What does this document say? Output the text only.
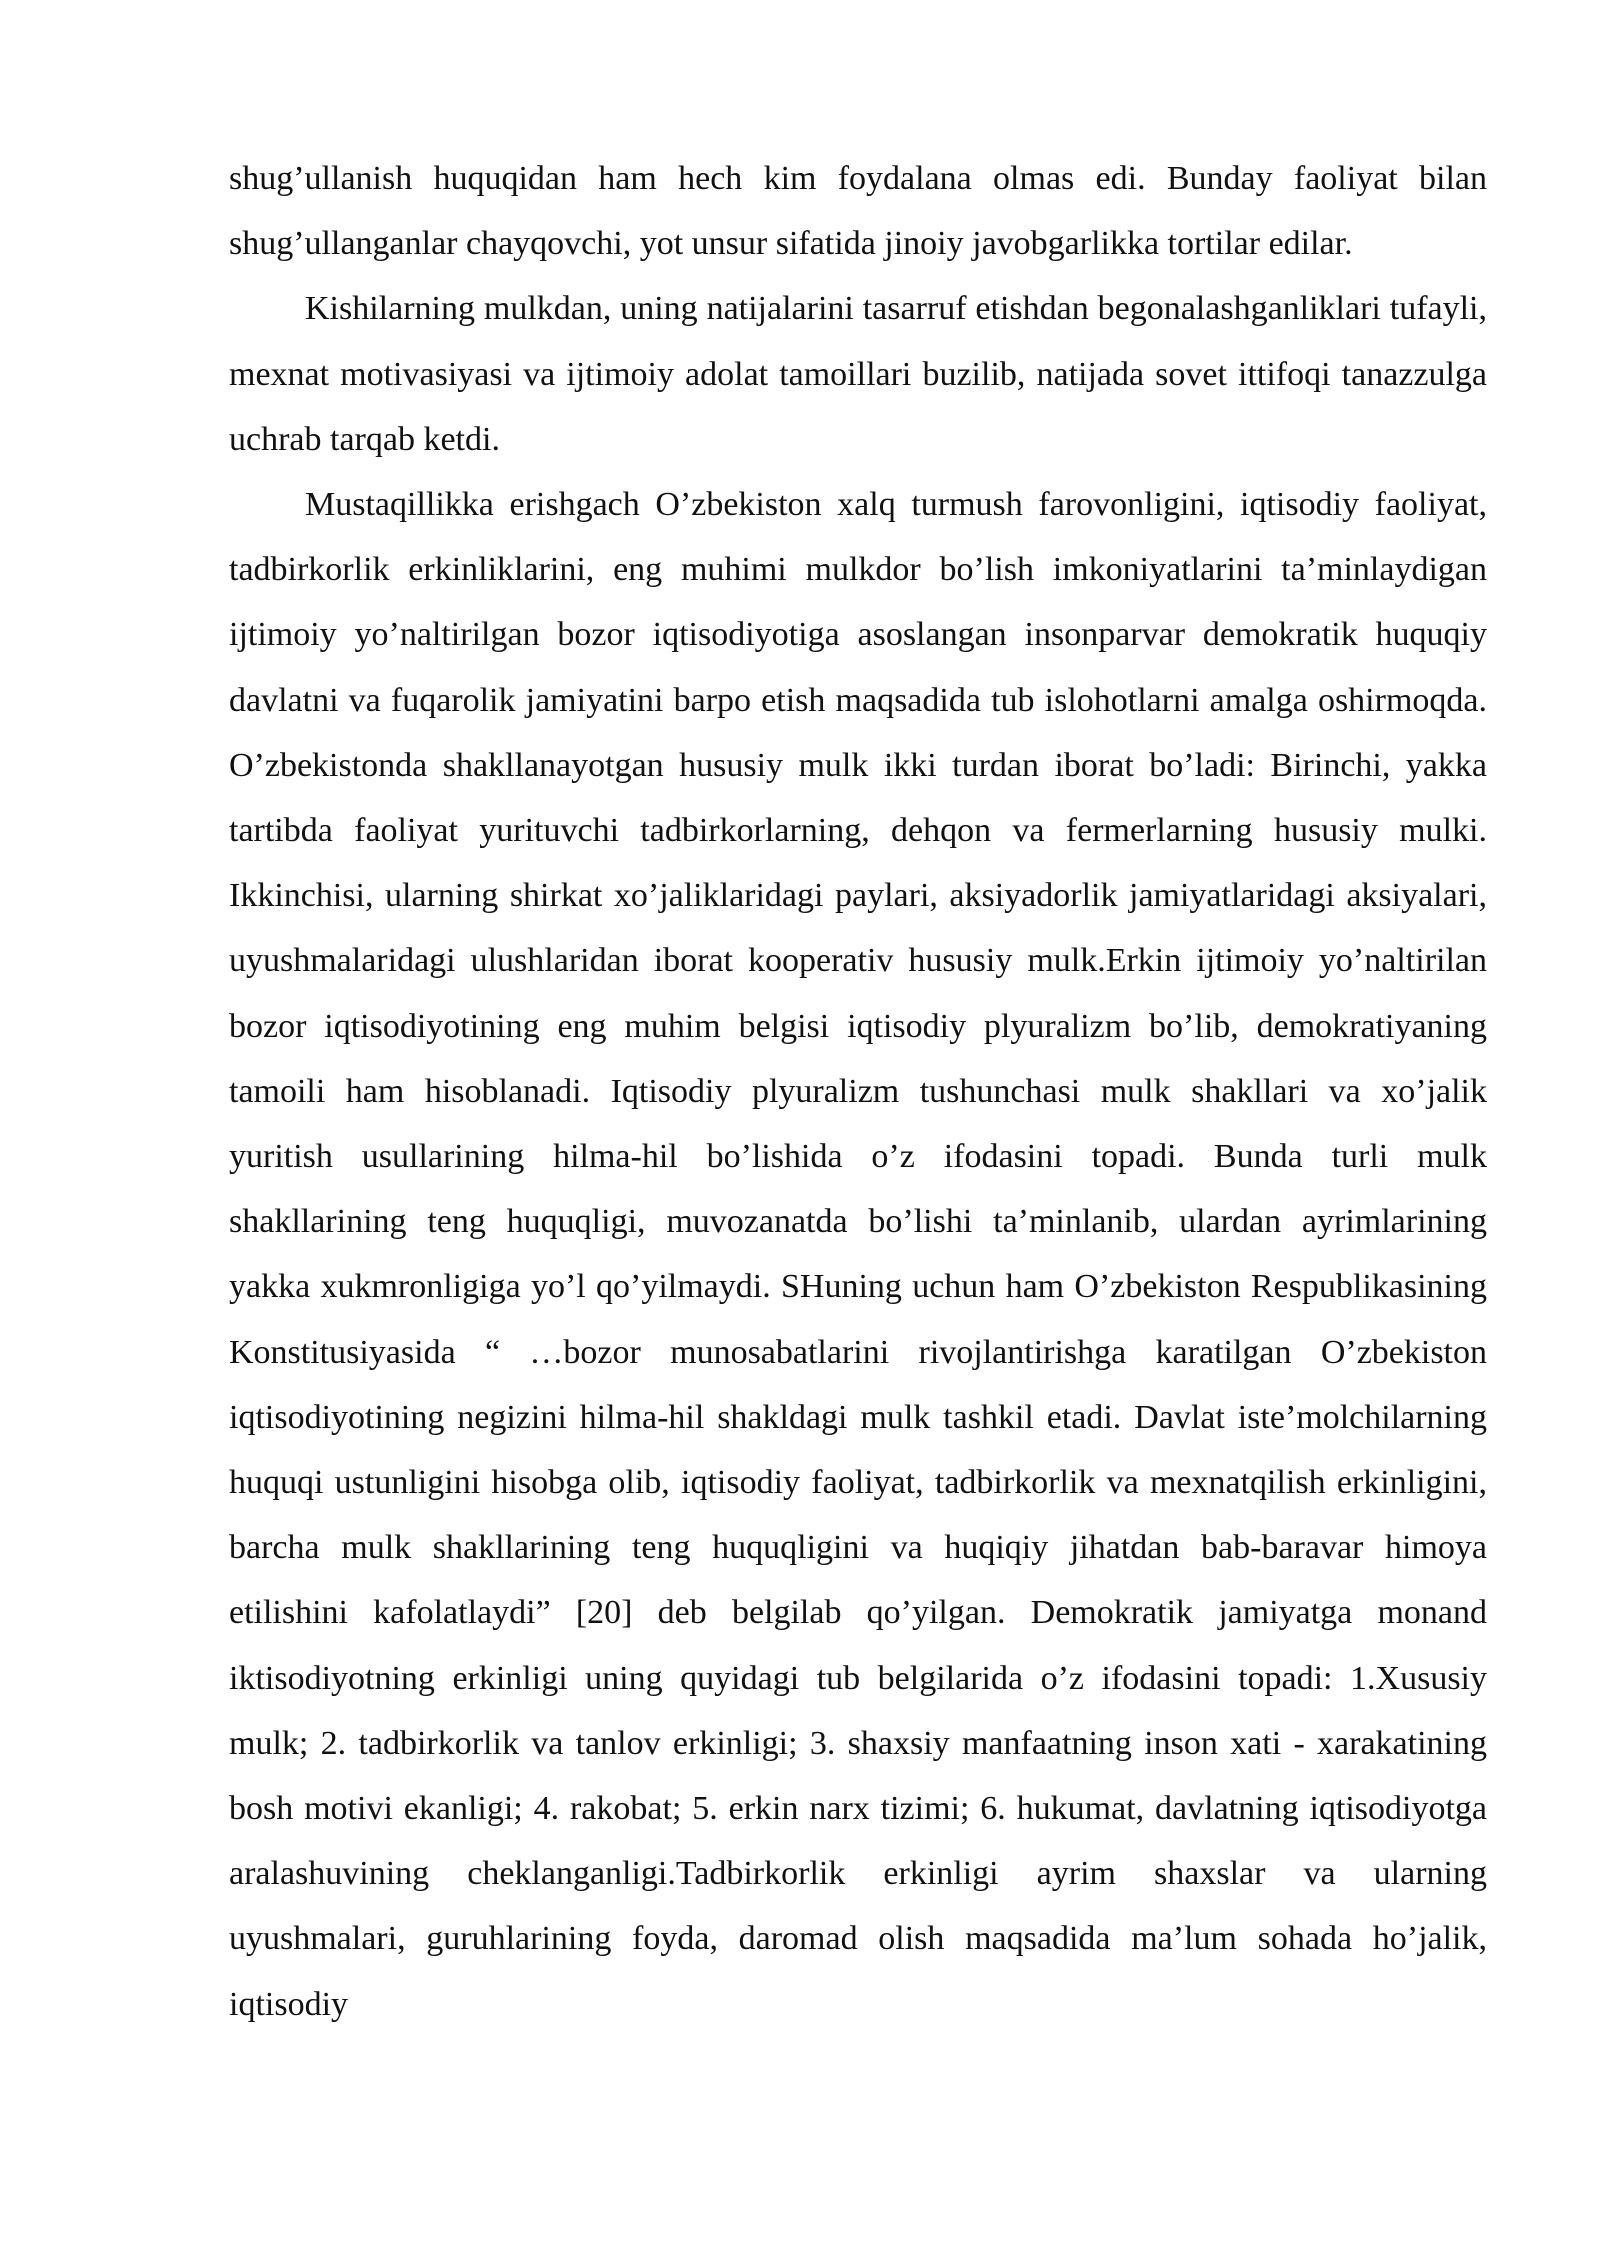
shug’ullanish huquqidan ham hech kim foydalana olmas edi. Bunday faoliyat bilan shug’ullanganlar chayqovchi, yot unsur sifatida jinoiy javobgarlikka tortilar edilar.

Kishilarning mulkdan, uning natijalarini tasarruf etishdan begonalashganliklari tufayli, mexnat motivasiyasi va ijtimoiy adolat tamoillari buzilib, natijada sovet ittifoqi tanazzulga uchrab tarqab ketdi.

Mustaqillikka erishgach O’zbekiston xalq turmush farovonligini, iqtisodiy faoliyat, tadbirkorlik erkinliklarini, eng muhimi mulkdor bo’lish imkoniyatlarini ta’minlaydigan ijtimoiy yo’naltirilgan bozor iqtisodiyotiga asoslangan insonparvar demokratik huquqiy davlatni va fuqarolik jamiyatini barpo etish maqsadida tub islohotlarni amalga oshirmoqda. O’zbekistonda shakllanayotgan hususiy mulk ikki turdan iborat bo’ladi: Birinchi, yakka tartibda faoliyat yurituvchi tadbirkorlarning, dehqon va fermerlarning hususiy mulki. Ikkinchisi, ularning shirkat xo’jaliklaridagi paylari, aksiyadorlik jamiyatlaridagi aksiyalari, uyushmalaridagi ulushlaridan iborat kooperativ hususiy mulk.Erkin ijtimoiy yo’naltirilan bozor iqtisodiyotining eng muhim belgisi iqtisodiy plyuralizm bo’lib, demokratiyaning tamoili ham hisoblanadi. Iqtisodiy plyuralizm tushunchasi mulk shakllari va xo’jalik yuritish usullarining hilma-hil bo’lishida o’z ifodasini topadi. Bunda turli mulk shakllarining teng huquqligi, muvozanatda bo’lishi ta’minlanib, ulardan ayrimlarining yakka xukmronligiga yo’l qo’yilmaydi. SHuning uchun ham O’zbekiston Respublikasining Konstitusiyasida “ …bozor munosabatlarini rivojlantirishga karatilgan O’zbekiston iqtisodiyotining negizini hilma-hil shakldagi mulk tashkil etadi. Davlat iste’molchilarning huquqi ustunligini hisobga olib, iqtisodiy faoliyat, tadbirkorlik va mexnatqilish erkinligini, barcha mulk shakllarining teng huquqligini va huqiqiy jihatdan bab-baravar himoya etilishini kafolatlaydi” [20] deb belgilab qo’yilgan. Demokratik jamiyatga monand iktisodiyotning erkinligi uning quyidagi tub belgilarida o’z ifodasini topadi: 1.Xususiy mulk; 2. tadbirkorlik va tanlov erkinligi; 3. shaxsiy manfaatning inson xati - xarakatining bosh motivi ekanligi; 4. rakobat; 5. erkin narx tizimi; 6. hukumat, davlatning iqtisodiyotga aralashuvining cheklanganligi.Tadbirkorlik erkinligi ayrim shaxslar va ularning uyushmalari, guruhlarining foyda, daromad olish maqsadida ma’lum sohada ho’jalik, iqtisodiy
